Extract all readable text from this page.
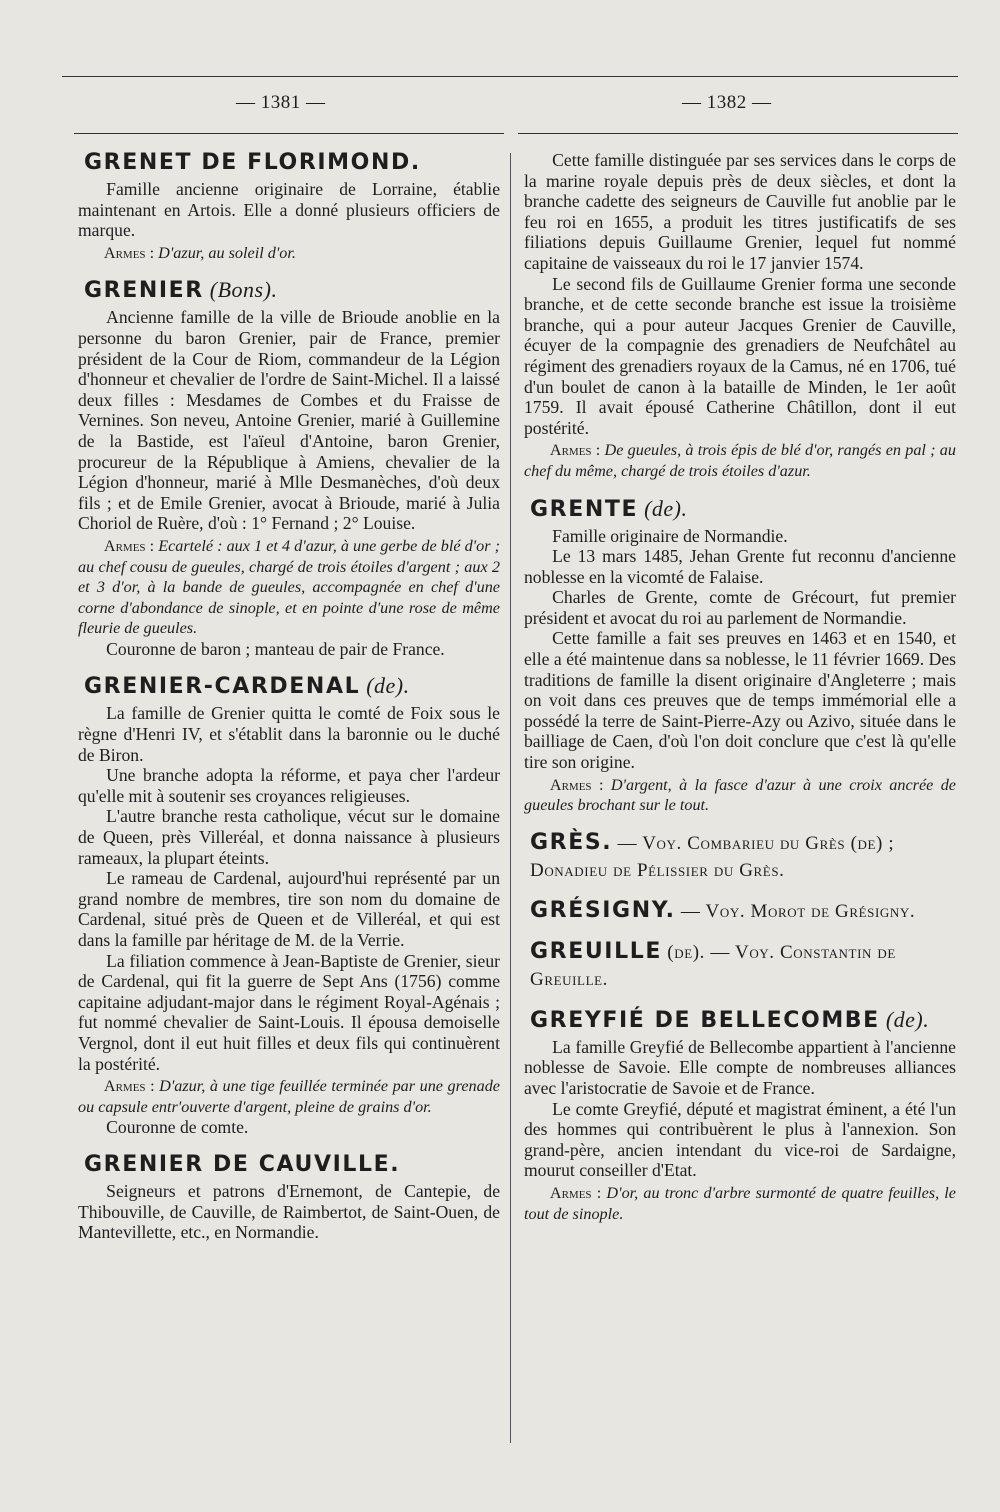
— 1381 —	— 1382 —
GRENET DE FLORIMOND.

Famille ancienne originaire de Lorraine, établie maintenant en Artois. Elle a donné plusieurs officiers de marque.

Armes : D'azur, au soleil d'or.

GRENIER (Bons).

Ancienne famille de la ville de Brioude anoblie en la personne du baron Grenier, pair de France, premier président de la Cour de Riom, commandeur de la Légion d'honneur et chevalier de l'ordre de Saint-Michel. Il a laissé deux filles : Mesdames de Combes et du Fraisse de Vernines. Son neveu, Antoine Grenier, marié à Guillemine de la Bastide, est l'aïeul d'Antoine, baron Grenier, procureur de la République à Amiens, chevalier de la Légion d'honneur, marié à Mlle Desmanèches, d'où deux fils ; et de Emile Grenier, avocat à Brioude, marié à Julia Choriol de Ruère, d'où : 1° Fernand ; 2° Louise.

Armes : Ecartelé : aux 1 et 4 d'azur, à une gerbe de blé d'or ; au chef cousu de gueules, chargé de trois étoiles d'argent ; aux 2 et 3 d'or, à la bande de gueules, accompagnée en chef d'une corne d'abondance de sinople, et en pointe d'une rose de même fleurie de gueules.

Couronne de baron ; manteau de pair de France.

GRENIER-CARDENAL (de).

La famille de Grenier quitta le comté de Foix sous le règne d'Henri IV, et s'établit dans la baronnie ou le duché de Biron.

Une branche adopta la réforme, et paya cher l'ardeur qu'elle mit à soutenir ses croyances religieuses.

L'autre branche resta catholique, vécut sur le domaine de Queen, près Villeréal, et donna naissance à plusieurs rameaux, la plupart éteints.

Le rameau de Cardenal, aujourd'hui représenté par un grand nombre de membres, tire son nom du domaine de Cardenal, situé près de Queen et de Villeréal, et qui est dans la famille par héritage de M. de la Verrie.

La filiation commence à Jean-Baptiste de Grenier, sieur de Cardenal, qui fit la guerre de Sept Ans (1756) comme capitaine adjudant-major dans le régiment Royal-Agénais ; fut nommé chevalier de Saint-Louis. Il épousa demoiselle Vergnol, dont il eut huit filles et deux fils qui continuèrent la postérité.

Armes : D'azur, à une tige feuillée terminée par une grenade ou capsule entr'ouverte d'argent, pleine de grains d'or.

Couronne de comte.

GRENIER DE CAUVILLE.

Seigneurs et patrons d'Ernemont, de Cantepie, de Thibouville, de Cauville, de Raimbertot, de Saint-Ouen, de Mantevillette, etc., en Normandie.

Cette famille distinguée par ses services dans le corps de la marine royale depuis près de deux siècles, et dont la branche cadette des seigneurs de Cauville fut anoblie par le feu roi en 1655, a produit les titres justificatifs de ses filiations depuis Guillaume Grenier, lequel fut nommé capitaine de vaisseaux du roi le 17 janvier 1574.

Le second fils de Guillaume Grenier forma une seconde branche, et de cette seconde branche est issue la troisième branche, qui a pour auteur Jacques Grenier de Cauville, écuyer de la compagnie des grenadiers de Neufchâtel au régiment des grenadiers royaux de la Camus, né en 1706, tué d'un boulet de canon à la bataille de Minden, le 1er août 1759. Il avait épousé Catherine Châtillon, dont il eut postérité.

Armes : De gueules, à trois épis de blé d'or, rangés en pal ; au chef du même, chargé de trois étoiles d'azur.

GRENTE (de).

Famille originaire de Normandie.

Le 13 mars 1485, Jehan Grente fut reconnu d'ancienne noblesse en la vicomté de Falaise.

Charles de Grente, comte de Grécourt, fut premier président et avocat du roi au parlement de Normandie.

Cette famille a fait ses preuves en 1463 et en 1540, et elle a été maintenue dans sa noblesse, le 11 février 1669. Des traditions de famille la disent originaire d'Angleterre ; mais on voit dans ces preuves que de temps immémorial elle a possédé la terre de Saint-Pierre-Azy ou Azivo, située dans le bailliage de Caen, d'où l'on doit conclure que c'est là qu'elle tire son origine.

Armes : D'argent, à la fasce d'azur à une croix ancrée de gueules brochant sur le tout.

GRÈS. — Voy. Combarieu du Grès (de) ; Donadieu de Pélissier du Grès.
GRÉSIGNY. — Voy. Morot de Grésigny.
GREUILLE (de). — Voy. Constantin de Greuille.
GREYFIÉ DE BELLECOMBE (de).

La famille Greyfié de Bellecombe appartient à l'ancienne noblesse de Savoie. Elle compte de nombreuses alliances avec l'aristocratie de Savoie et de France.

Le comte Greyfié, député et magistrat éminent, a été l'un des hommes qui contribuèrent le plus à l'annexion. Son grand-père, ancien intendant du vice-roi de Sardaigne, mourut conseiller d'Etat.

Armes : D'or, au tronc d'arbre surmonté de quatre feuilles, le tout de sinople.
